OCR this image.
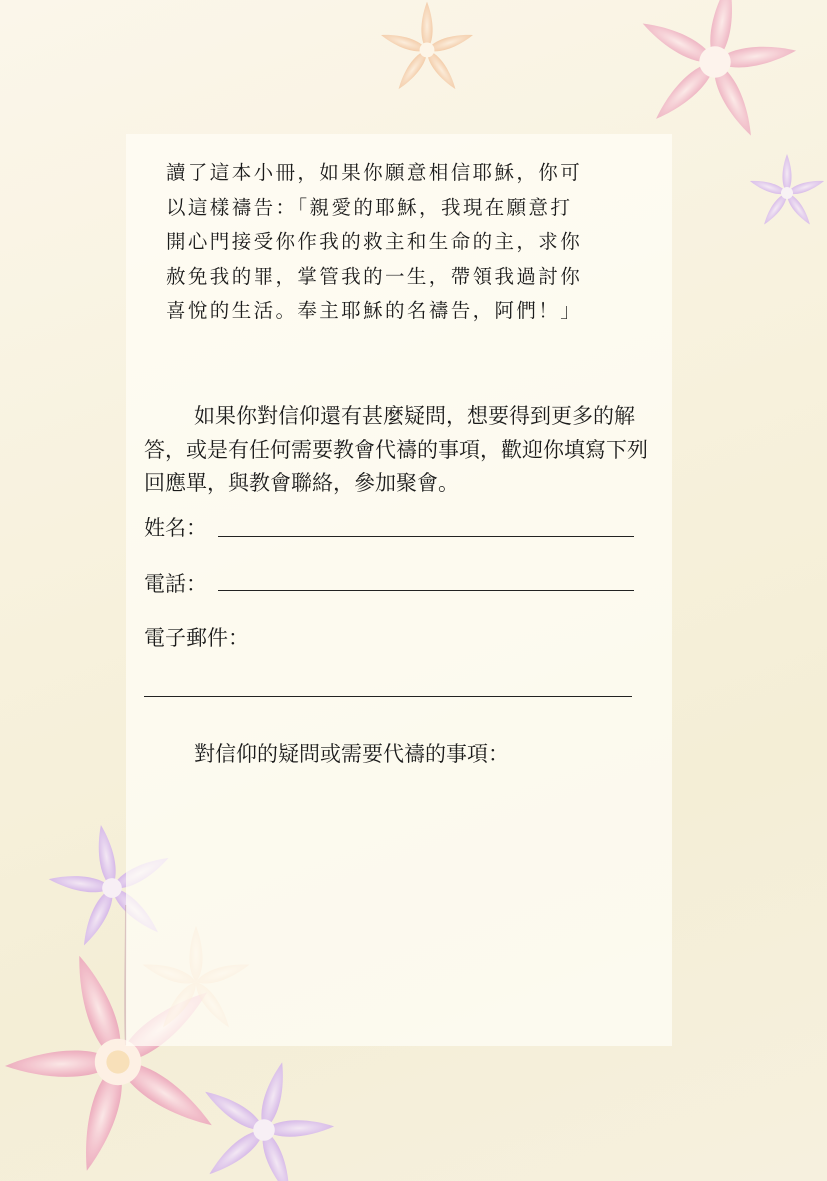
讀了這本小冊，如果你願意相信耶穌，你可
以這樣禱告：「親愛的耶穌，我現在願意打
開心門接受你作我的救主和生命的主，求你
赦免我的罪，掌管我的一生，帶領我過討你
喜悅的生活。奉主耶穌的名禱告，阿們！」

如果你對信仰還有甚麼疑問，想要得到更多的解答，或是有任何需要教會代禱的事項，歡迎你填寫下列回應單，與教會聯絡，參加聚會。

姓名：
電話：
電子郵件：
對信仰的疑問或需要代禱的事項：
